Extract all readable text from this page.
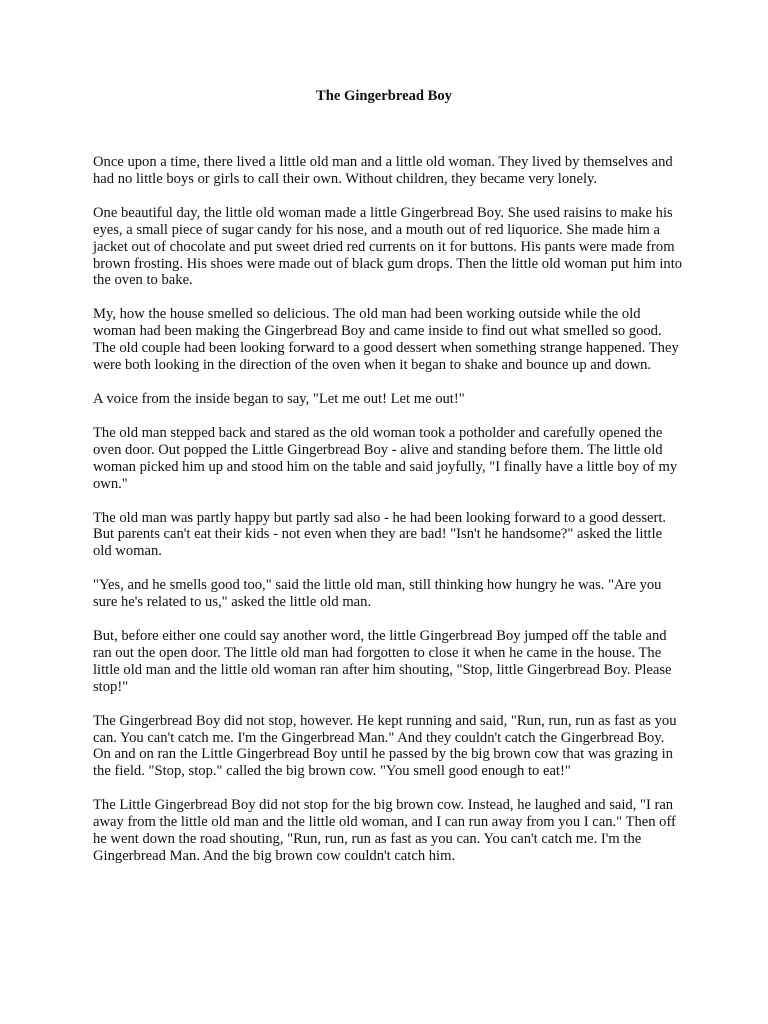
The Gingerbread Boy

Once upon a time, there lived a little old man and a little old woman. They lived by themselves and had no little boys or girls to call their own. Without children, they became very lonely.

One beautiful day, the little old woman made a little Gingerbread Boy. She used raisins to make his eyes, a small piece of sugar candy for his nose, and a mouth out of red liquorice. She made him a jacket out of chocolate and put sweet dried red currents on it for buttons. His pants were made from brown frosting. His shoes were made out of black gum drops. Then the little old woman put him into the oven to bake.

My, how the house smelled so delicious. The old man had been working outside while the old woman had been making the Gingerbread Boy and came inside to find out what smelled so good. The old couple had been looking forward to a good dessert when something strange happened. They were both looking in the direction of the oven when it began to shake and bounce up and down.

A voice from the inside began to say, "Let me out! Let me out!"

The old man stepped back and stared as the old woman took a potholder and carefully opened the oven door. Out popped the Little Gingerbread Boy - alive and standing before them. The little old woman picked him up and stood him on the table and said joyfully, "I finally have a little boy of my own."

The old man was partly happy but partly sad also - he had been looking forward to a good dessert. But parents can't eat their kids - not even when they are bad! "Isn't he handsome?" asked the little old woman.

"Yes, and he smells good too," said the little old man, still thinking how hungry he was. "Are you sure he's related to us," asked the little old man.

But, before either one could say another word, the little Gingerbread Boy jumped off the table and ran out the open door. The little old man had forgotten to close it when he came in the house. The little old man and the little old woman ran after him shouting, "Stop, little Gingerbread Boy. Please stop!"

The Gingerbread Boy did not stop, however. He kept running and said, "Run, run, run as fast as you can. You can't catch me. I'm the Gingerbread Man." And they couldn't catch the Gingerbread Boy. On and on ran the Little Gingerbread Boy until he passed by the big brown cow that was grazing in the field. "Stop, stop." called the big brown cow. "You smell good enough to eat!"

The Little Gingerbread Boy did not stop for the big brown cow. Instead, he laughed and said, "I ran away from the little old man and the little old woman, and I can run away from you I can." Then off he went down the road shouting, "Run, run, run as fast as you can. You can't catch me. I'm the Gingerbread Man. And the big brown cow couldn't catch him.
